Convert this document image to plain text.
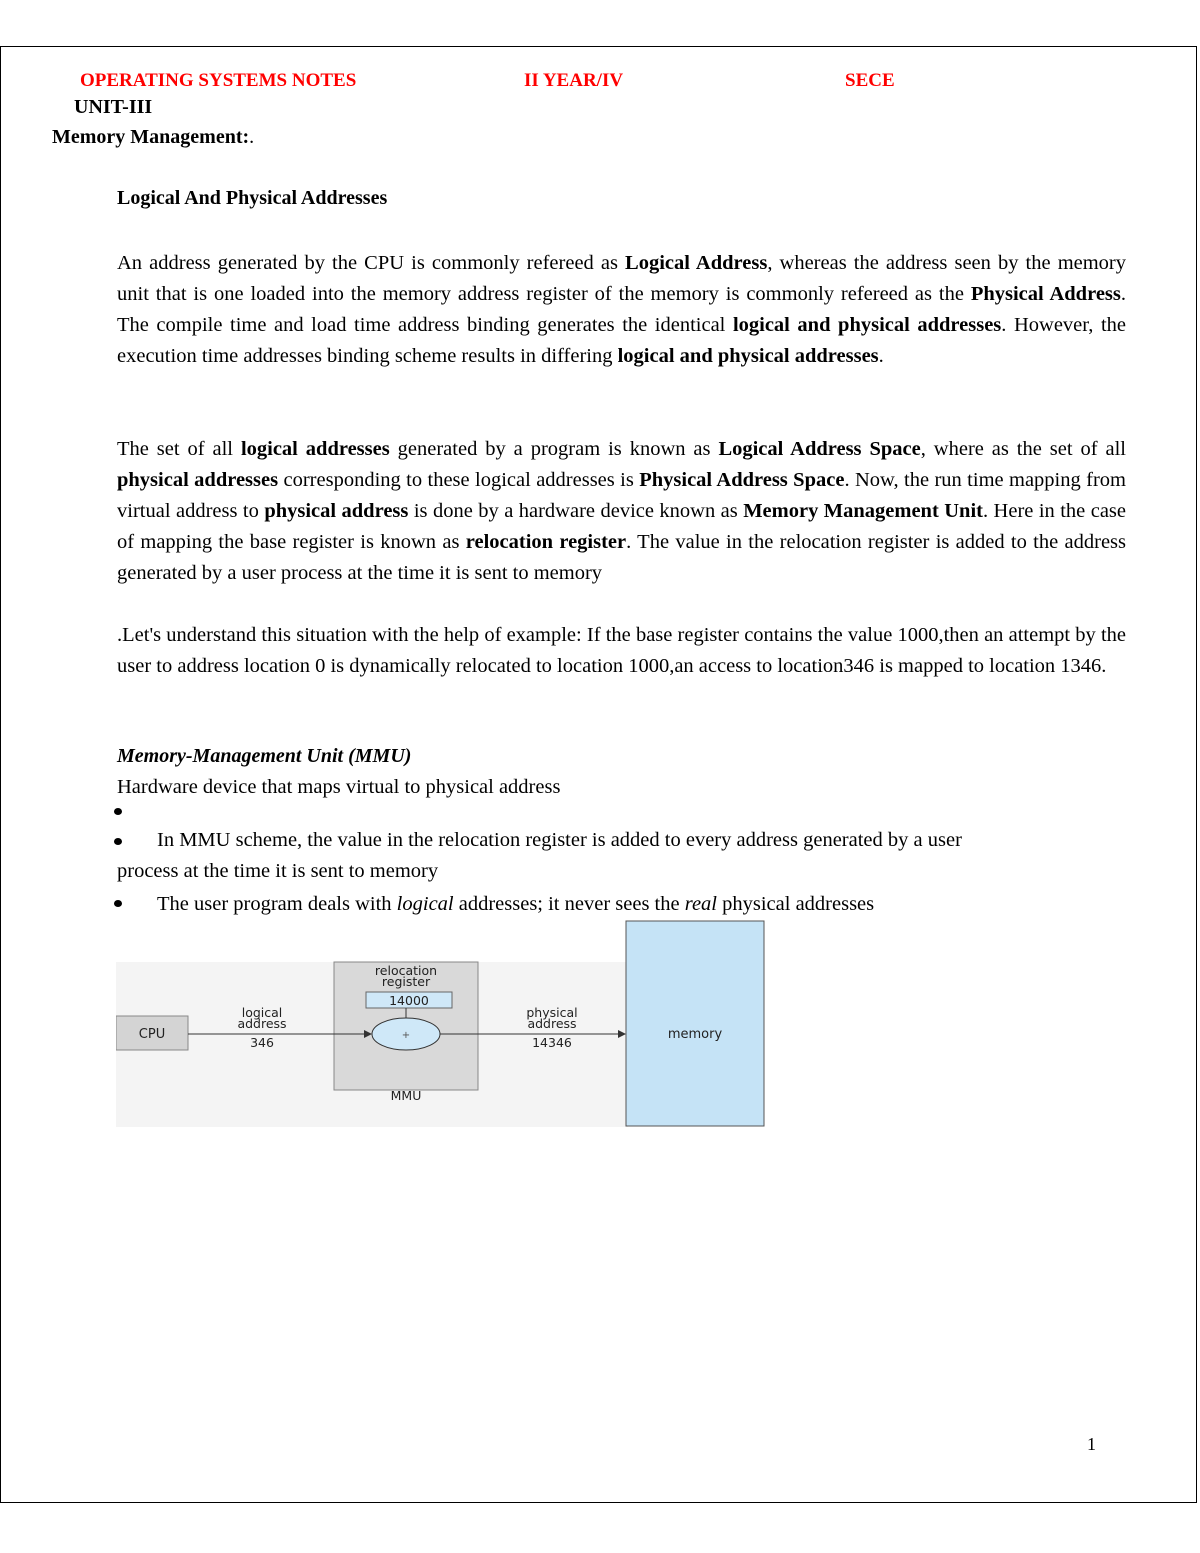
OPERATING SYSTEMS NOTES	II YEAR/IV	SECE
UNIT-III
Memory Management:.
Logical And Physical Addresses

An address generated by the CPU is commonly refereed as Logical Address, whereas the address seen by the memory unit that is one loaded into the memory address register of the memory is commonly refereed as the Physical Address. The compile time and load time address binding generates the identical logical and physical addresses. However, the execution time addresses binding scheme results in differing logical and physical addresses.

The set of all logical addresses generated by a program is known as Logical Address Space, where as the set of all physical addresses corresponding to these logical addresses is Physical Address Space. Now, the run time mapping from virtual address to physical address is done by a hardware device known as Memory Management Unit. Here in the case of mapping the base register is known as relocation register. The value in the relocation register is added to the address generated by a user process at the time it is sent to memory

.Let's understand this situation with the help of example: If the base register contains the value 1000,then an attempt by the user to address location 0 is dynamically relocated to location 1000,an access to location346 is mapped to location 1346.

Memory-Management Unit (MMU)
Hardware device that maps virtual to physical address
In MMU scheme, the value in the relocation register is added to every address generated by a user
process at the time it is sent to memory
The user program deals with logical addresses; it never sees the real physical addresses
memory
CPU
relocation
register
14000
+
MMU
logical
address
346
physical
address
14346
1
